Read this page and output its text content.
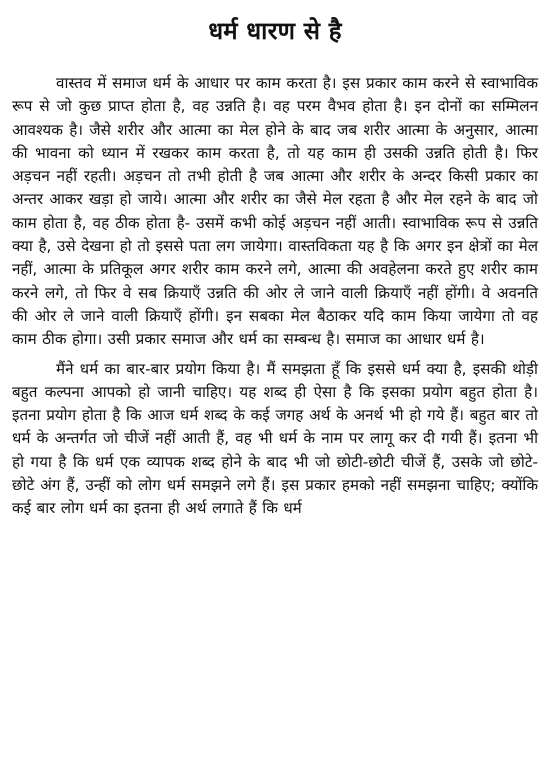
धर्म धारण से है

वास्तव में समाज धर्म के आधार पर काम करता है। इस प्रकार काम करने से स्वाभाविक रूप से जो कुछ प्राप्त होता है, वह उन्नति है। वह परम वैभव होता है। इन दोनों का सम्मिलन आवश्यक है। जैसे शरीर और आत्मा का मेल होने के बाद जब शरीर आत्मा के अनुसार, आत्मा की भावना को ध्यान में रखकर काम करता है, तो यह काम ही उसकी उन्नति होती है। फिर अड़चन नहीं रहती। अड़चन तो तभी होती है जब आत्मा और शरीर के अन्दर किसी प्रकार का अन्तर आकर खड़ा हो जाये। आत्मा और शरीर का जैसे मेल रहता है और मेल रहने के बाद जो काम होता है, वह ठीक होता है- उसमें कभी कोई अड़चन नहीं आती। स्वाभाविक रूप से उन्नति क्या है, उसे देखना हो तो इससे पता लग जायेगा। वास्तविकता यह है कि अगर इन क्षेत्रों का मेल नहीं, आत्मा के प्रतिकूल अगर शरीर काम करने लगे, आत्मा की अवहेलना करते हुए शरीर काम करने लगे, तो फिर वे सब क्रियाएँ उन्नति की ओर ले जाने वाली क्रियाएँ नहीं होंगी। वे अवनति की ओर ले जाने वाली क्रियाएँ होंगी। इन सबका मेल बैठाकर यदि काम किया जायेगा तो वह काम ठीक होगा। उसी प्रकार समाज और धर्म का सम्बन्ध है। समाज का आधार धर्म है।

मैंने धर्म का बार-बार प्रयोग किया है। मैं समझता हूँ कि इससे धर्म क्या है, इसकी थोड़ी बहुत कल्पना आपको हो जानी चाहिए। यह शब्द ही ऐसा है कि इसका प्रयोग बहुत होता है। इतना प्रयोग होता है कि आज धर्म शब्द के कई जगह अर्थ के अनर्थ भी हो गये हैं। बहुत बार तो धर्म के अन्तर्गत जो चीजें नहीं आती हैं, वह भी धर्म के नाम पर लागू कर दी गयी हैं। इतना भी हो गया है कि धर्म एक व्यापक शब्द होने के बाद भी जो छोटी-छोटी चीजें हैं, उसके जो छोटे-छोटे अंग हैं, उन्हीं को लोग धर्म समझने लगे हैं। इस प्रकार हमको नहीं समझना चाहिए; क्योंकि कई बार लोग धर्म का इतना ही अर्थ लगाते हैं कि धर्म
